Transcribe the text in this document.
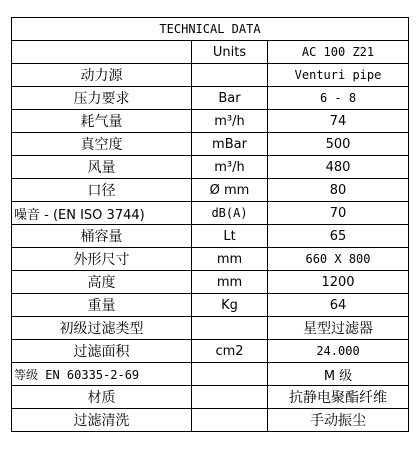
TECHNICAL DATA		
	Units	AC 100 Z21
动力源		Venturi pipe
压力要求	Bar	6 - 8
耗气量	m³/h	74
真空度	mBar	500
风量	m³/h	480
口径	Ø mm	80
噪音 - (EN ISO 3744)	dB(A)	70
桶容量	Lt	65
外形尺寸	mm	660 X 800
高度	mm	1200
重量	Kg	64
初级过滤类型		星型过滤器
过滤面积	cm2	24.000
等级 EN 60335-2-69		M 级
材质		抗静电聚酯纤维
过滤清洗		手动振尘
